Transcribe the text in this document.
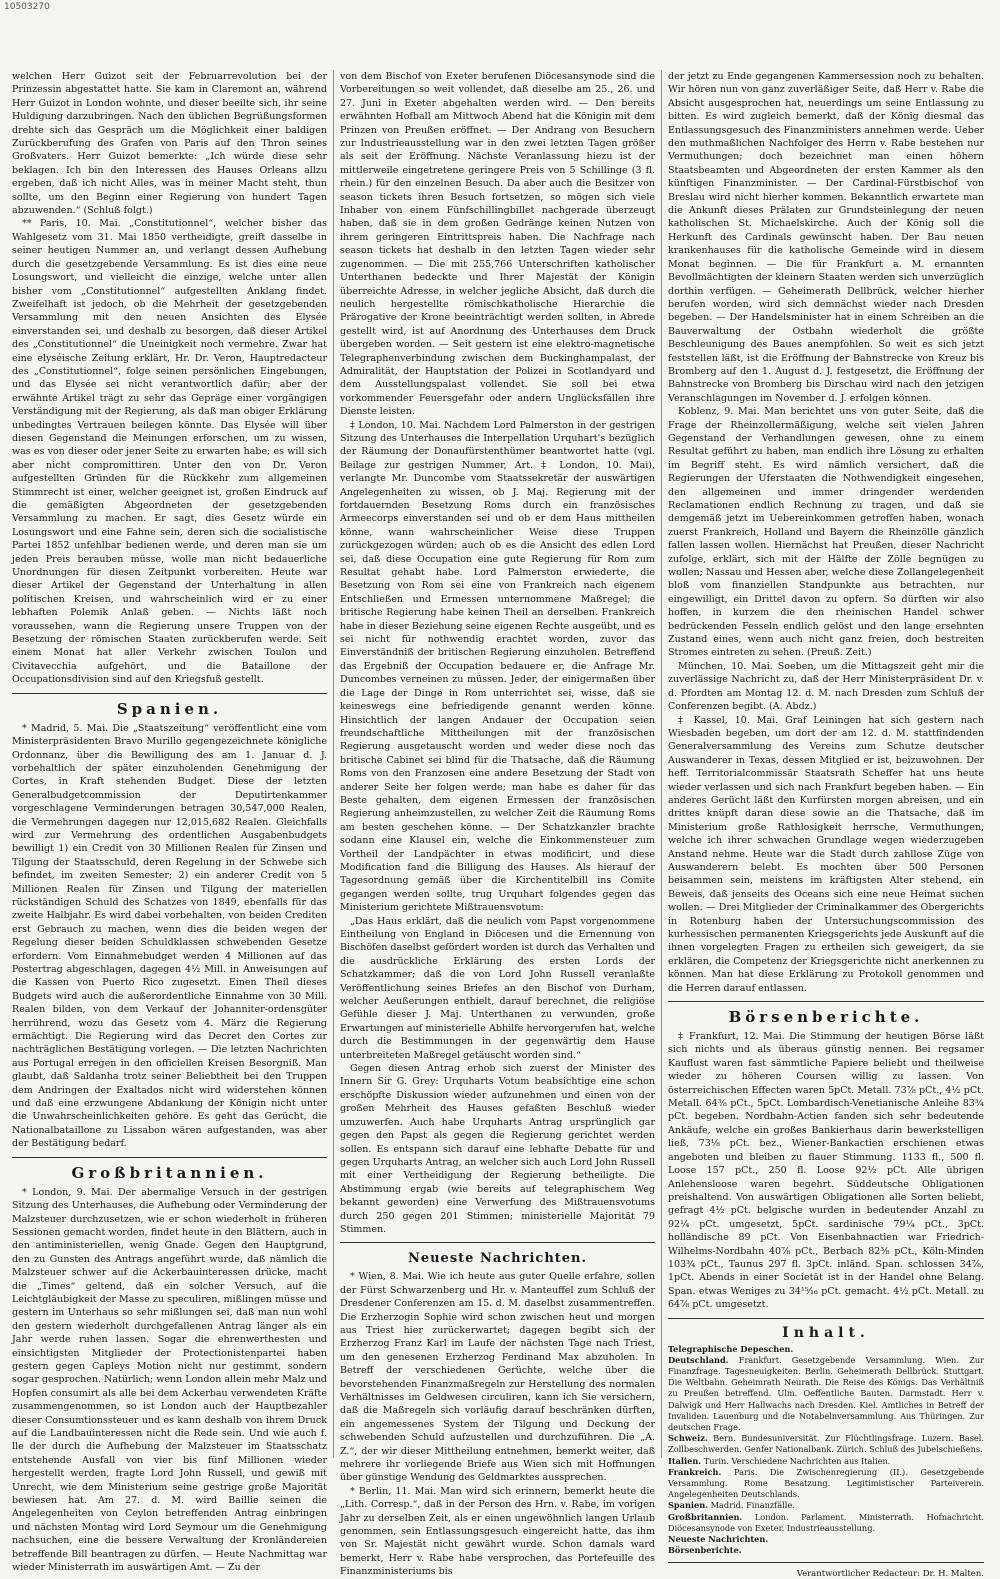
10503270

welchen Herr Guizot seit der Februarrevolution bei der Prinzessin abgestattet hatte. Sie kam in Claremont an, während Herr Guizot in London wohnte, und dieser beeilte sich, ihr seine Huldigung darzubringen. Nach den üblichen Begrüßungsformen drehte sich das Gespräch um die Möglichkeit einer baldigen Zurückberufung des Grafen von Paris auf den Thron seines Großvaters. Herr Guizot bemerkte: „Ich würde diese sehr beklagen. Ich bin den Interessen des Hauses Orleans allzu ergeben, daß ich nicht Alles, was in meiner Macht steht, thun sollte, um den Beginn einer Regierung von hundert Tagen abzuwenden.“ (Schluß folgt.)

** Paris, 10. Mai. „Constitutionnel“, welcher bisher das Wahlgesetz vom 31. Mai 1850 vertheidigte, greift dasselbe in seiner heutigen Nummer an, und verlangt dessen Aufhebung durch die gesetzgebende Versammlung. Es ist dies eine neue Losungswort, und vielleicht die einzige, welche unter allen bisher vom „Constitutionnel“ aufgestellten Anklang findet. Zweifelhaft ist jedoch, ob die Mehrheit der gesetzgebenden Versammlung mit den neuen Ansichten des Elysée einverstanden sei, und deshalb zu besorgen, daß dieser Artikel des „Constitutionnel“ die Uneinigkeit noch vermehre. Zwar hat eine elyséische Zeitung erklärt, Hr. Dr. Veron, Hauptredacteur des „Constitutionnel“, folge seinen persönlichen Eingebungen, und das Elysée sei nicht verantwortlich dafür; aber der erwähnte Artikel trägt zu sehr das Gepräge einer vorgängigen Verständigung mit der Regierung, als daß man obiger Erklärung unbedingtes Vertrauen beilegen könnte. Das Elysée will über diesen Gegenstand die Meinungen erforschen, um zu wissen, was es von dieser oder jener Seite zu erwarten habe; es will sich aber nicht compromittiren. Unter den von Dr. Veron aufgestellten Gründen für die Rückkehr zum allgemeinen Stimmrecht ist einer, welcher geeignet ist, großen Eindruck auf die gemäßigten Abgeordneten der gesetzgebenden Versammlung zu machen. Er sagt, dies Gesetz würde ein Losungswort und eine Fahne sein, deren sich die socialistische Partei 1852 unfehlbar bedienen werde, und deren man sie um jeden Preis berauben müsse, wolle man nicht bedauerliche Unordnungen für diesen Zeitpunkt vorbereiten. Heute war dieser Artikel der Gegenstand der Unterhaltung in allen politischen Kreisen, und wahrscheinlich wird er zu einer lebhaften Polemik Anlaß geben. — Nichts läßt noch voraussehen, wann die Regierung unsere Truppen von der Besetzung der römischen Staaten zurückberufen werde. Seit einem Monat hat aller Verkehr zwischen Toulon und Civitavecchia aufgehört, und die Bataillone der Occupationsdivision sind auf den Kriegsfuß gestellt.

Spanien.

* Madrid, 5. Mai. Die „Staatszeitung“ veröffentlicht eine vom Ministerpräsidenten Bravo Murillo gegengezeichnete königliche Ordonnanz, über die Bewilligung des am 1. Januar d. J. vorbehaltlich der später einzuholenden Genehmigung der Cortes, in Kraft stehenden Budget. Diese der letzten Generalbudgetcommission der Deputirtenkammer vorgeschlagene Verminderungen betragen 30,547,000 Realen, die Vermehrungen dagegen nur 12,015,682 Realen. Gleichfalls wird zur Vermehrung des ordentlichen Ausgabenbudgets bewilligt 1) ein Credit von 30 Millionen Realen für Zinsen und Tilgung der Staatsschuld, deren Regelung in der Schwebe sich befindet, im zweiten Semester; 2) ein anderer Credit von 5 Millionen Realen für Zinsen und Tilgung der materiellen rückständigen Schuld des Schatzes von 1849, ebenfalls für das zweite Halbjahr. Es wird dabei vorbehalten, von beiden Crediten erst Gebrauch zu machen, wenn dies die beiden wegen der Regelung dieser beiden Schuldklassen schwebenden Gesetze erfordern. Vom Einnahmebudget werden 4 Millionen auf das Postertrag abgeschlagen, dagegen 4½ Mill. in Anweisungen auf die Kassen von Puerto Rico zugesetzt. Einen Theil dieses Budgets wird auch die außerordentliche Einnahme von 30 Mill. Realen bilden, von dem Verkauf der Johanniter-ordensgüter herrührend, wozu das Gesetz vom 4. März die Regierung ermächtigt. Die Regierung wird das Decret den Cortes zur nachträglichen Bestätigung vorlegen. — Die letzten Nachrichten aus Portugal erregen in den officiellen Kreisen Besorgniß. Man glaubt, daß Saldanha trotz seiner Beliebtheit bei den Truppen dem Andringen der Exaltados nicht wird widerstehen können und daß eine erzwungene Abdankung der Königin nicht unter die Unwahrscheinlichkeiten gehöre. Es geht das Gerücht, die Nationalbataillone zu Lissabon wären aufgestanden, was aber der Bestätigung bedarf.

Großbritannien.

* London, 9. Mai. Der abermalige Versuch in der gestrigen Sitzung des Unterhauses, die Aufhebung oder Verminderung der Malzsteuer durchzusetzen, wie er schon wiederholt in früheren Sessionen gemacht worden, findet heute in den Blättern, auch in den antiministeriellen, wenig Gnade. Gegen den Hauptgrund, den zu Gunsten des Antrags angeführt wurde, daß nämlich die Malzsteuer schwer auf die Ackerbauinteressen drücke, macht die „Times“ geltend, daß ein solcher Versuch, auf die Leichtgläubigkeit der Masse zu speculiren, mißlingen müsse und gestern im Unterhaus so sehr mißlungen sei, daß man nun wohl den gestern wiederholt durchgefallenen Antrag länger als ein Jahr werde ruhen lassen. Sogar die ehrenwerthesten und einsichtigsten Mitglieder der Protectionistenpartei haben gestern gegen Capleys Motion nicht nur gestimmt, sondern sogar gesprochen. Natürlich; wenn London allein mehr Malz und Hopfen consumirt als alle bei dem Ackerbau verwendeten Kräfte zusammengenommen, so ist London auch der Hauptbezahler dieser Consumtionssteuer und es kann deshalb von ihrem Druck auf die Landbauinteressen nicht die Rede sein. Und wie auch f. lle der durch die Aufhebung der Malzsteuer im Staatsschatz entstehende Ausfall von vier bis fünf Millionen wieder hergestellt werden, fragte Lord John Russell, und gewiß mit Unrecht, wie dem Ministerium seine gestrige große Majorität bewiesen hat. Am 27. d. M. wird Baillie seinen die Angelegenheiten von Ceylon betreffenden Antrag einbringen und nächsten Montag wird Lord Seymour um die Genehmigung nachsuchen, eine die bessere Verwaltung der Kronländereien betreffende Bill beantragen zu dürfen. — Heute Nachmittag war wieder Ministerrath im auswärtigen Amt. — Zu der

von dem Bischof von Exeter berufenen Diöcesansynode sind die Vorbereitungen so weit vollendet, daß dieselbe am 25., 26. und 27. Juni in Exeter abgehalten werden wird. — Den bereits erwähnten Hofball am Mittwoch Abend hat die Königin mit dem Prinzen von Preußen eröffnet. — Der Andrang von Besuchern zur Industrieausstellung war in den zwei letzten Tagen größer als seit der Eröffnung. Nächste Veranlassung hiezu ist der mittlerweile eingetretene geringere Preis von 5 Schillinge (3 fl. rhein.) für den einzelnen Besuch. Da aber auch die Besitzer von season tickets ihren Besuch fortsetzen, so mögen sich viele Inhaber von einem Fünfschillingbillet nachgerade überzeugt haben, daß sie in dem großen Gedränge keinen Nutzen von ihrem geringeren Eintrittspreis haben. Die Nachfrage nach season tickets hat deshalb in den letzten Tagen wieder sehr zugenommen. — Die mit 255,766 Unterschriften katholischer Unterthanen bedeckte und Ihrer Majestät der Königin überreichte Adresse, in welcher jegliche Absicht, daß durch die neulich hergestellte römischkatholische Hierarchie die Prärogative der Krone beeinträchtigt werden sollten, in Abrede gestellt wird, ist auf Anordnung des Unterhauses dem Druck übergeben worden. — Seit gestern ist eine elektro-magnetische Telegraphenverbindung zwischen dem Buckinghampalast, der Admiralität, der Hauptstation der Polizei in Scotlandyard und dem Ausstellungspalast vollendet. Sie soll bei etwa vorkommender Feuersgefahr oder andern Unglücksfällen ihre Dienste leisten.

‡ London, 10. Mai. Nachdem Lord Palmerston in der gestrigen Sitzung des Unterhauses die Interpellation Urquhart's bezüglich der Räumung der Donaufürstenthümer beantwortet hatte (vgl. Beilage zur gestrigen Nummer, Art. ‡ London, 10. Mai), verlangte Mr. Duncombe vom Staatssekretär der auswärtigen Angelegenheiten zu wissen, ob J. Maj. Regierung mit der fortdauernden Besetzung Roms durch ein französisches Armeecorps einverstanden sei und ob er dem Haus mittheilen könne, wann wahrscheinlicher Weise diese Truppen zurückgezogen würden; auch ob es die Ansicht des edlen Lord sei, daß diese Occupation eine gute Regierung für Rom zum Resultat gehabt habe. Lord Palmerston erwiederte, die Besetzung von Rom sei eine von Frankreich nach eigenem Entschließen und Ermessen unternommene Maßregel; die britische Regierung habe keinen Theil an derselben. Frankreich habe in dieser Beziehung seine eigenen Rechte ausgeübt, und es sei nicht für nothwendig erachtet worden, zuvor das Einverständniß der britischen Regierung einzuholen. Betreffend das Ergebniß der Occupation bedauere er, die Anfrage Mr. Duncombes verneinen zu müssen. Jeder, der einigermaßen über die Lage der Dinge in Rom unterrichtet sei, wisse, daß sie keineswegs eine befriedigende genannt werden könne. Hinsichtlich der langen Andauer der Occupation seien freundschaftliche Mittheilungen mit der französischen Regierung ausgetauscht worden und weder diese noch das britische Cabinet sei blind für die Thatsache, daß die Räumung Roms von den Franzosen eine andere Besetzung der Stadt von anderer Seite her folgen werde; man habe es daher für das Beste gehalten, dem eigenen Ermessen der französischen Regierung anheimzustellen, zu welcher Zeit die Räumung Roms am besten geschehen könne. — Der Schatzkanzler brachte sodann eine Klausel ein, welche die Einkommensteuer zum Vortheil der Landpächter in etwas modificirt, und diese Modification fand die Billigung des Hauses. Als hierauf der Tagesordnung gemäß über die Kirchentitelbill ins Comite gegangen werden sollte, trug Urquhart folgendes gegen das Ministerium gerichtete Mißtrauensvotum:

„Das Haus erklärt, daß die neulich vom Papst vorgenommene Eintheilung von England in Diöcesen und die Ernennung von Bischöfen daselbst gefördert worden ist durch das Verhalten und die ausdrückliche Erklärung des ersten Lords der Schatzkammer; daß die von Lord John Russell veranlaßte Veröffentlichung seines Briefes an den Bischof von Durham, welcher Aeußerungen enthielt, darauf berechnet, die religiöse Gefühle dieser J. Maj. Unterthanen zu verwunden, große Erwartungen auf ministerielle Abhilfe hervorgerufen hat, welche durch die Bestimmungen in der gegenwärtig dem Hause unterbreiteten Maßregel getäuscht worden sind.“

Gegen diesen Antrag erhob sich zuerst der Minister des Innern Sir G. Grey: Urquharts Votum beabsichtige eine schon erschöpfte Diskussion wieder aufzunehmen und einen von der großen Mehrheit des Hauses gefaßten Beschluß wieder umzuwerfen. Auch habe Urquharts Antrag ursprünglich gar gegen den Papst als gegen die Regierung gerichtet werden sollen. Es entspann sich darauf eine lebhafte Debatte für und gegen Urquharts Antrag, an welcher sich auch Lord John Russell mit einer Vertheidigung der Regierung betheiligte. Die Abstimmung ergab (wie bereits auf telegraphischem Weg bekannt geworden) eine Verwerfung des Mißtrauensvotums durch 250 gegen 201 Stimmen; ministerielle Majorität 79 Stimmen.

Neueste Nachrichten.

* Wien, 8. Mai. Wie ich heute aus guter Quelle erfahre, sollen der Fürst Schwarzenberg und Hr. v. Manteuffel zum Schluß der Dresdener Conferenzen am 15. d. M. daselbst zusammentreffen. Die Erzherzogin Sophie wird schon zwischen heut und morgen aus Triest hier zurückerwartet; dagegen begibt sich der Erzherzog Franz Karl im Laufe der nächsten Tage nach Triest, um den genesenen Erzherzog Ferdinand Max abzuholen. In Betreff der verschiedenen Gerüchte, welche über die bevorstehenden Finanzmaßregeln zur Herstellung des normalen Verhältnisses im Geldwesen circuliren, kann ich Sie versichern, daß die Maßregeln sich vorläufig darauf beschränken dürften, ein angemessenes System der Tilgung und Deckung der schwebenden Schuld aufzustellen und durchzuführen. Die „A. Z.“, der wir dieser Mittheilung entnehmen, bemerkt weiter, daß mehrere ihr vorliegende Briefe aus Wien sich mit Hoffnungen über günstige Wendung des Geldmarktes aussprechen.

* Berlin, 11. Mai. Man wird sich erinnern, bemerkt heute die „Lith. Corresp.“, daß in der Person des Hrn. v. Rabe, im vorigen Jahr zu derselben Zeit, als er einen ungewöhnlich langen Urlaub genommen, sein Entlassungsgesuch eingereicht hatte, das ihm von Sr. Majestät nicht gewährt wurde. Schon damals ward bemerkt, Herr v. Rabe habe versprochen, das Portefeuille des Finanzministeriums bis

der jetzt zu Ende gegangenen Kammersession noch zu behalten. Wir hören nun von ganz zuverläßiger Seite, daß Herr v. Rabe die Absicht ausgesprochen hat, neuerdings um seine Entlassung zu bitten. Es wird zugleich bemerkt, daß der König diesmal das Entlassungsgesuch des Finanzministers annehmen werde. Ueber den muthmaßlichen Nachfolger des Herrn v. Rabe bestehen nur Vermuthungen; doch bezeichnet man einen höhern Staatsbeamten und Abgeordneten der ersten Kammer als den künftigen Finanzminister. — Der Cardinal-Fürstbischof von Breslau wird nicht hierher kommen. Bekanntlich erwartete man die Ankunft dieses Prälaten zur Grundsteinlegung der neuen katholischen St. Michaelskirche. Auch der König soll die Herkunft des Cardinals gewünscht haben. Der Bau neuen krankenhauses für die katholische Gemeinde wird in diesem Monat beginnen. — Die für Frankfurt a. M. ernannten Bevollmächtigten der kleinern Staaten werden sich unverzüglich dorthin verfügen. — Geheimerath Dellbrück, welcher hierher berufen worden, wird sich demnächst wieder nach Dresden begeben. — Der Handelsminister hat in einem Schreiben an die Bauverwaltung der Ostbahn wiederholt die größte Beschleunigung des Baues anempfohlen. So weit es sich jetzt feststellen läßt, ist die Eröffnung der Bahnstrecke von Kreuz bis Bromberg auf den 1. August d. J. festgesetzt, die Eröffnung der Bahnstrecke von Bromberg bis Dirschau wird nach den jetzigen Veranschlagungen im November d. J. erfolgen können.

Koblenz, 9. Mai. Man berichtet uns von guter Seite, daß die Frage der Rheinzollermäßigung, welche seit vielen Jahren Gegenstand der Verhandlungen gewesen, ohne zu einem Resultat geführt zu haben, man endlich ihre Lösung zu erhalten im Begriff steht. Es wird nämlich versichert, daß die Regierungen der Uferstaaten die Nothwendigkeit eingesehen, den allgemeinen und immer dringender werdenden Reclamationen endlich Rechnung zu tragen, und daß sie demgemäß jetzt im Uebereinkommen getroffen haben, wonach zuerst Frankreich, Holland und Bayern die Rheinzölle gänzlich fallen lassen wollen. Hiernächst hat Preußen, dieser Nachricht zufolge, erklärt, sich mit der Hälfte der Zölle begnügen zu wollen; Nassau und Hessen aber, welche diese Zollangelegenheit bloß vom finanziellen Standpunkte aus betrachten, nur eingewilligt, ein Drittel davon zu opfern. So dürften wir also hoffen, in kurzem die den rheinischen Handel schwer bedrückenden Fesseln endlich gelöst und den lange ersehnten Zustand eines, wenn auch nicht ganz freien, doch bestreiten Stromes eintreten zu sehen. (Preuß. Zeit.)

München, 10. Mai. Soeben, um die Mittagszeit geht mir die zuverlässige Nachricht zu, daß der Herr Ministerpräsident Dr. v. d. Pfordten am Montag 12. d. M. nach Dresden zum Schluß der Conferenzen begibt. (A. Abdz.)

‡ Kassel, 10. Mai. Graf Leiningen hat sich gestern nach Wiesbaden begeben, um dort der am 12. d. M. stattfindenden Generalversammlung des Vereins zum Schutze deutscher Auswanderer in Texas, dessen Mitglied er ist, beizuwohnen. Der heff. Territorialcommissär Staatsrath Scheffer hat uns heute wieder verlassen und sich nach Frankfurt begeben haben. — Ein anderes Gerücht läßt den Kurfürsten morgen abreisen, und ein drittes knüpft daran diese sowie an die Thatsache, daß im Ministerium große Rathlosigkeit herrsche, Vermuthungen, welche ich ihrer schwachen Grundlage wegen wiederzugeben Anstand nehme. Heute war die Stadt durch zahllose Züge von Auswanderern belebt. Es mochten über 500 Personen beisammen sein, meistens im kräftigsten Alter stehend, ein Beweis, daß jenseits des Oceans sich eine neue Heimat suchen wollen. — Drei Mitglieder der Criminalkammer des Obergerichts in Rotenburg haben der Untersuchungscommission des kurhessischen permanenten Kriegsgerichts jede Auskunft auf die ihnen vorgelegten Fragen zu ertheilen sich geweigert, da sie erklären, die Competenz der Kriegsgerichte nicht anerkennen zu können. Man hat diese Erklärung zu Protokoll genommen und die Herren darauf entlassen.

Börsenberichte.

‡ Frankfurt, 12. Mai. Die Stimmung der heutigen Börse läßt sich nichts und als überaus günstig nennen. Bei regsamer Kauflust waren fast sämmtliche Papiere beliebt und theilweise wieder zu höheren Coursen willig zu lassen. Von österreichischen Effecten waren 5pCt. Metall. 73⅞ pCt., 4½ pCt. Metall. 64⅜ pCt., 5pCt. Lombardisch-Venetianische Anleihe 83¾ pCt. begeben. Nordbahn-Actien fanden sich sehr bedeutende Ankäufe, welche ein großes Bankierhaus darin bewerkstelligen ließ, 73⅛ pCt. bez., Wiener-Bankactien erschienen etwas angeboten und bleiben zu flauer Stimmung. 1133 fl., 500 fl. Loose 157 pCt., 250 fl. Loose 92½ pCt. Alle übrigen Anlehensloose waren begehrt. Süddeutsche Obligationen preishaltend. Von auswärtigen Obligationen alle Sorten beliebt, gefragt 4½ pCt. belgische wurden in bedeutender Anzahl zu 92¼ pCt. umgesetzt, 5pCt. sardinische 79¼ pCt., 3pCt. holländische 89 pCt. Von Eisenbahnactien war Friedrich-Wilhelms-Nordbahn 40⅞ pCt., Berbach 82⅜ pCt., Köln-Minden 103¾ pCt., Taunus 297 fl. 3pCt. inländ. Span. schlossen 34⅞, 1pCt. Abends in einer Societät ist in der Handel ohne Belang. Span. etwas Weniges zu 34¹⁵⁄₁₆ pCt. gemacht. 4½ pCt. Metall. zu 64⅞ pCt. umgesetzt.

Inhalt.

Telegraphische Depeschen.

Deutschland. Frankfurt. Gesetzgebende Versammlung. Wien. Zur Finanzfrage. Tagesneuigkeiten. Berlin. Geheimerath Dellbrück. Stuttgart. Die Weltbahn. Geheimrath Neurath. Die Reise des Königs. Das Verhältniß zu Preußen betreffend. Ulm. Oeffentliche Bauten. Darmstadt. Herr v. Dalwigk und Herr Hallwachs nach Dresden. Kiel. Amtliches in Betreff der Invaliden. Lauenburg und die Notabelnversammlung. Aus Thüringen. Zur deutschen Frage.

Schweiz. Bern. Bundesuniversität. Zur Flüchtlingsfrage. Luzern. Basel. Zollbeschwerden. Genfer Nationalbank. Zürich. Schluß des Jubelschießens.

Italien. Turin. Verschiedene Nachrichten aus Italien.

Frankreich. Paris. Die Zwischenregierung (II.). Gesetzgebende Versammlung. Rome Besatzung. Legitimistischer Parteiverein. Angelegenheiten Deutschlands.

Spanien. Madrid. Finanzfälle.

Großbritannien. London. Parlament. Ministerrath. Hofnachricht. Diöcesansynode von Exeter. Industrieausstellung.

Neueste Nachrichten.

Börsenberichte.

Verantwortlicher Redacteur: Dr. H. Malten.
